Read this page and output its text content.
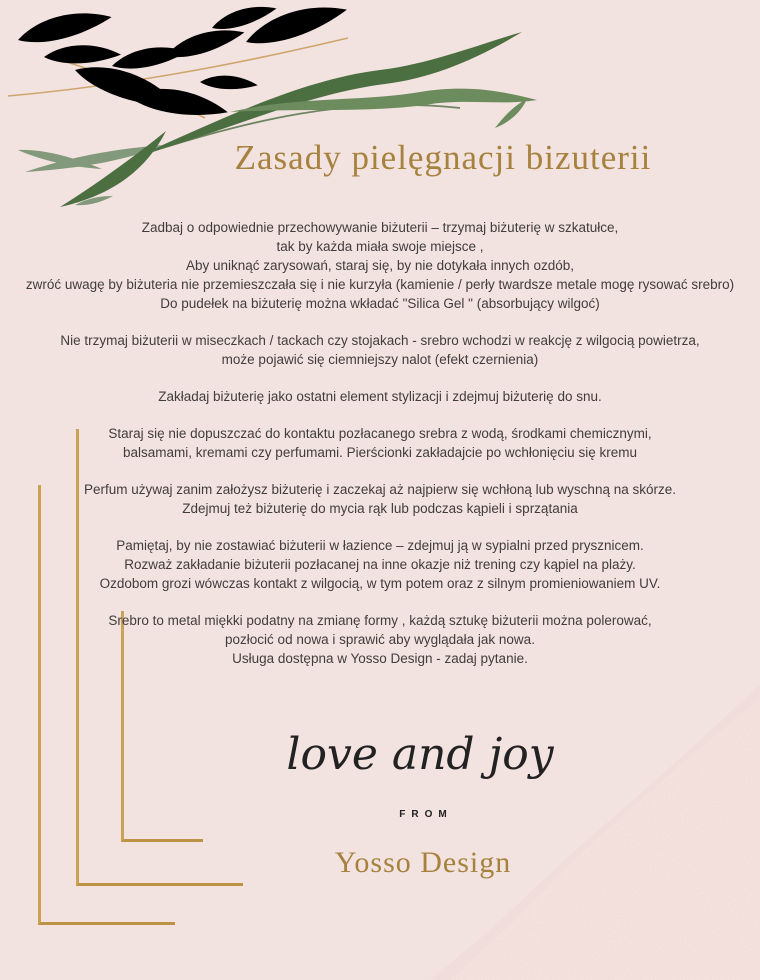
Zasady pielęgnacji bizuterii

Zadbaj o odpowiednie przechowywanie biżuterii – trzymaj biżuterię w szkatułce,
tak by każda miała swoje miejsce ,
Aby uniknąć zarysowań, staraj się, by nie dotykała innych ozdób,
zwróć uwagę by biżuteria nie przemieszczała się i nie kurzyła (kamienie / perły twardsze metale mogę rysować srebro)
Do pudełek na biżuterię można wkładać "Silica Gel " (absorbujący wilgoć)

Nie trzymaj biżuterii w miseczkach / tackach czy stojakach - srebro wchodzi w reakcję z wilgocią powietrza,
może pojawić się ciemniejszy nalot (efekt czernienia)

Zakładaj biżuterię jako ostatni element stylizacji i zdejmuj biżuterię do snu.

Staraj się nie dopuszczać do kontaktu pozłacanego srebra z wodą, środkami chemicznymi,
balsamami, kremami czy perfumami. Pierścionki zakładajcie po wchłonięciu się kremu

Perfum używaj zanim założysz biżuterię i zaczekaj aż najpierw się wchłoną lub wyschną na skórze.
Zdejmuj też biżuterię do mycia rąk lub podczas kąpieli i sprzątania

Pamiętaj, by nie zostawiać biżuterii w łazience – zdejmuj ją w sypialni przed prysznicem.
Rozważ zakładanie biżuterii pozłacanej na inne okazje niż trening czy kąpiel na plaży.
Ozdobom grozi wówczas kontakt z wilgocią, w tym potem oraz z silnym promieniowaniem UV.

Srebro to metal miękki podatny na zmianę formy , każdą sztukę biżuterii można polerować,
pozłocić od nowa i sprawić aby wyglądała jak nowa.
Usługa dostępna w Yosso Design - zadaj pytanie.

love and joy
FROM
Yosso Design
